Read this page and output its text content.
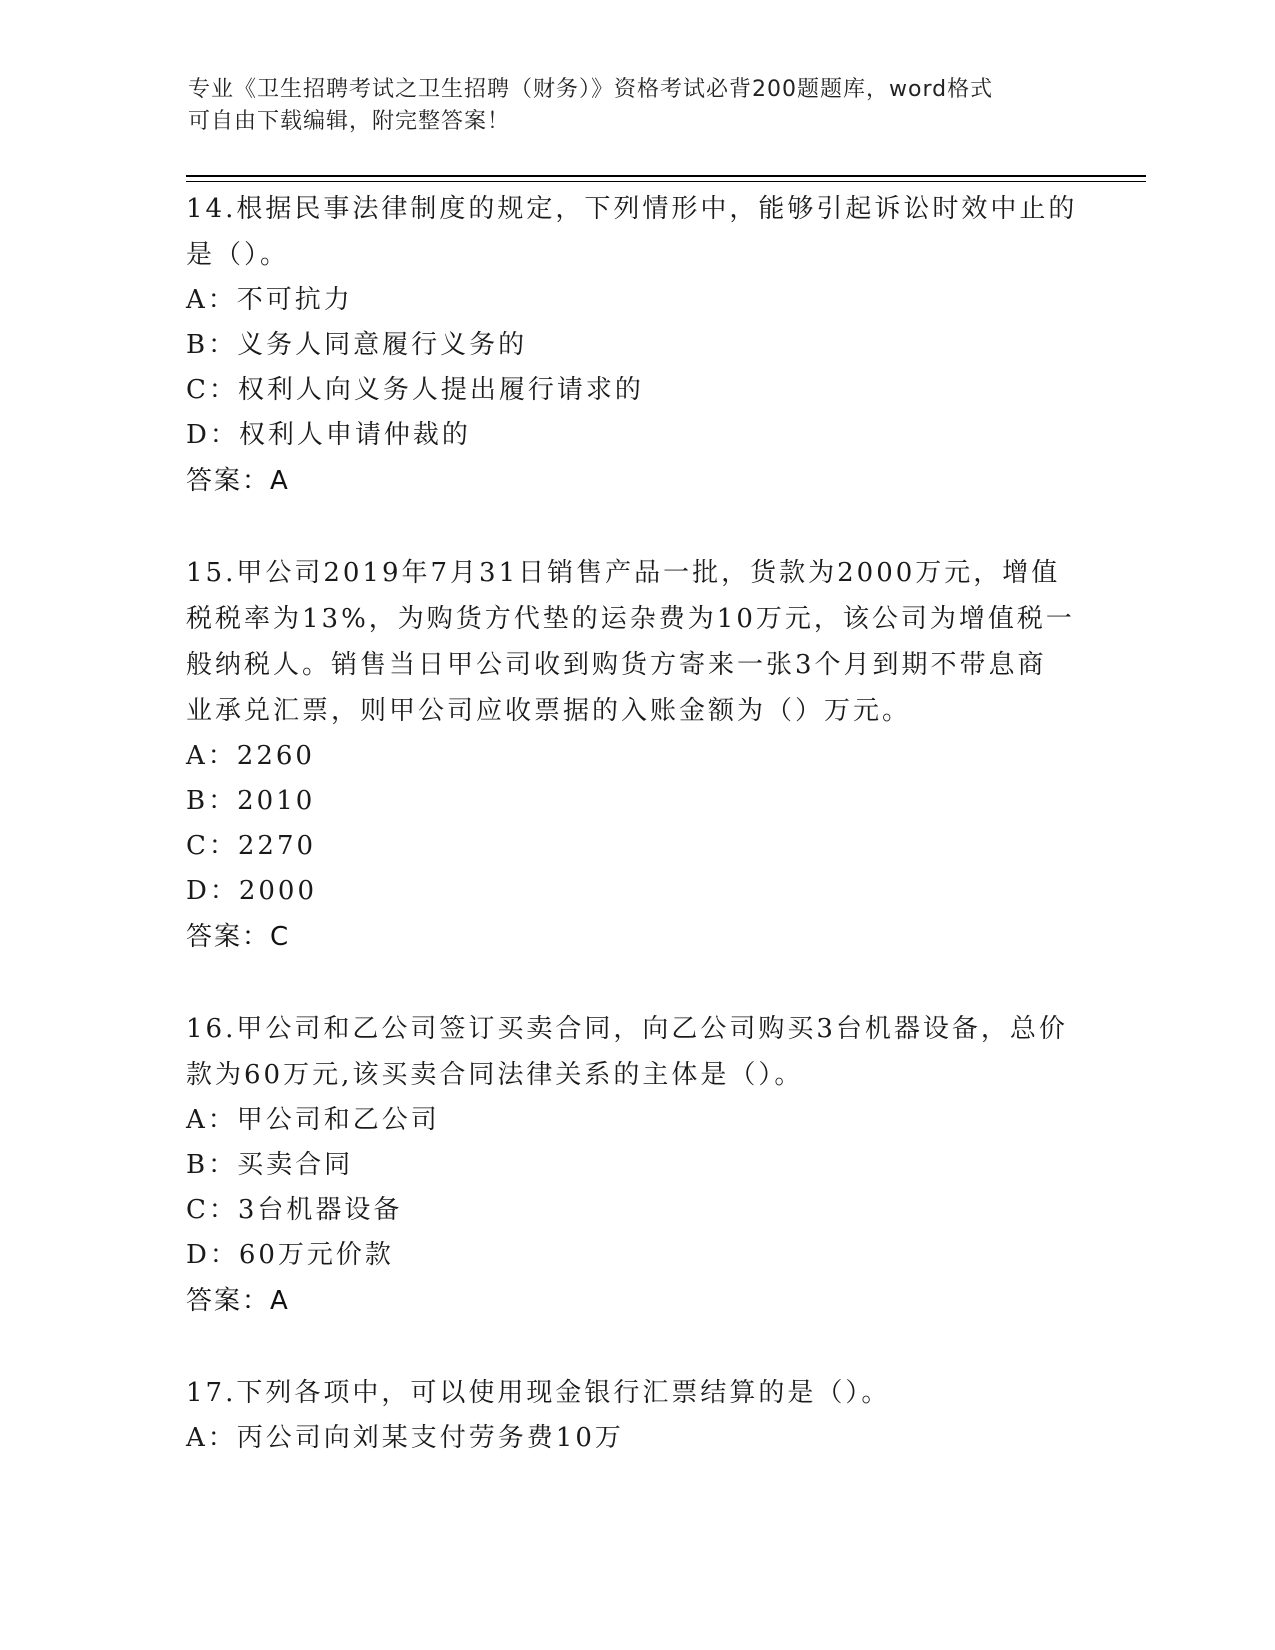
专业《卫生招聘考试之卫生招聘（财务）》资格考试必背200题题库，word格式
可自由下载编辑，附完整答案！
14.根据民事法律制度的规定，下列情形中，能够引起诉讼时效中止的
是（）。
A：不可抗力
B：义务人同意履行义务的
C：权利人向义务人提出履行请求的
D：权利人申请仲裁的
答案：A
15.甲公司2019年7月31日销售产品一批，货款为2000万元，增值
税税率为13%，为购货方代垫的运杂费为10万元，该公司为增值税一
般纳税人。销售当日甲公司收到购货方寄来一张3个月到期不带息商
业承兑汇票，则甲公司应收票据的入账金额为（）万元。
A：2260
B：2010
C：2270
D：2000
答案：C
16.甲公司和乙公司签订买卖合同，向乙公司购买3台机器设备，总价
款为60万元,该买卖合同法律关系的主体是（）。
A：甲公司和乙公司
B：买卖合同
C：3台机器设备
D：60万元价款
答案：A
17.下列各项中，可以使用现金银行汇票结算的是（）。
A：丙公司向刘某支付劳务费10万
